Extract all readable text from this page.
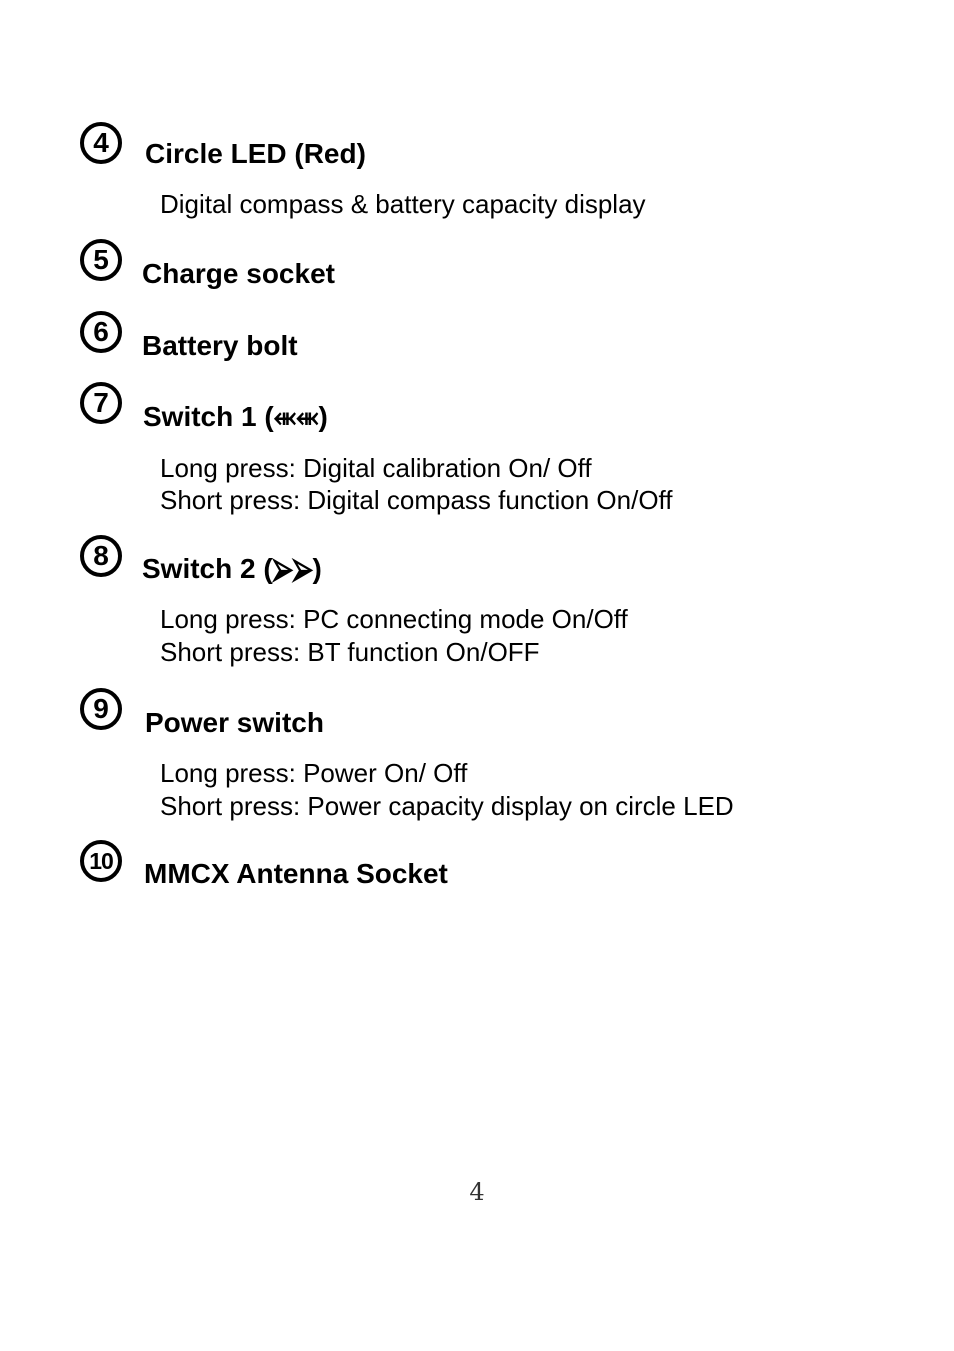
4	Circle LED (Red)
Digital compass & battery capacity display
5	Charge socket
6	Battery bolt
7	Switch 1 (⬺⬺)
Long press: Digital calibration On/ Off
Short press: Digital compass function On/Off
8	Switch 2 (⮚⮚)
Long press: PC connecting mode On/Off
Short press: BT function On/OFF
9	Power switch
Long press: Power On/ Off
Short press: Power capacity display on circle LED
10	MMCX Antenna Socket
4
